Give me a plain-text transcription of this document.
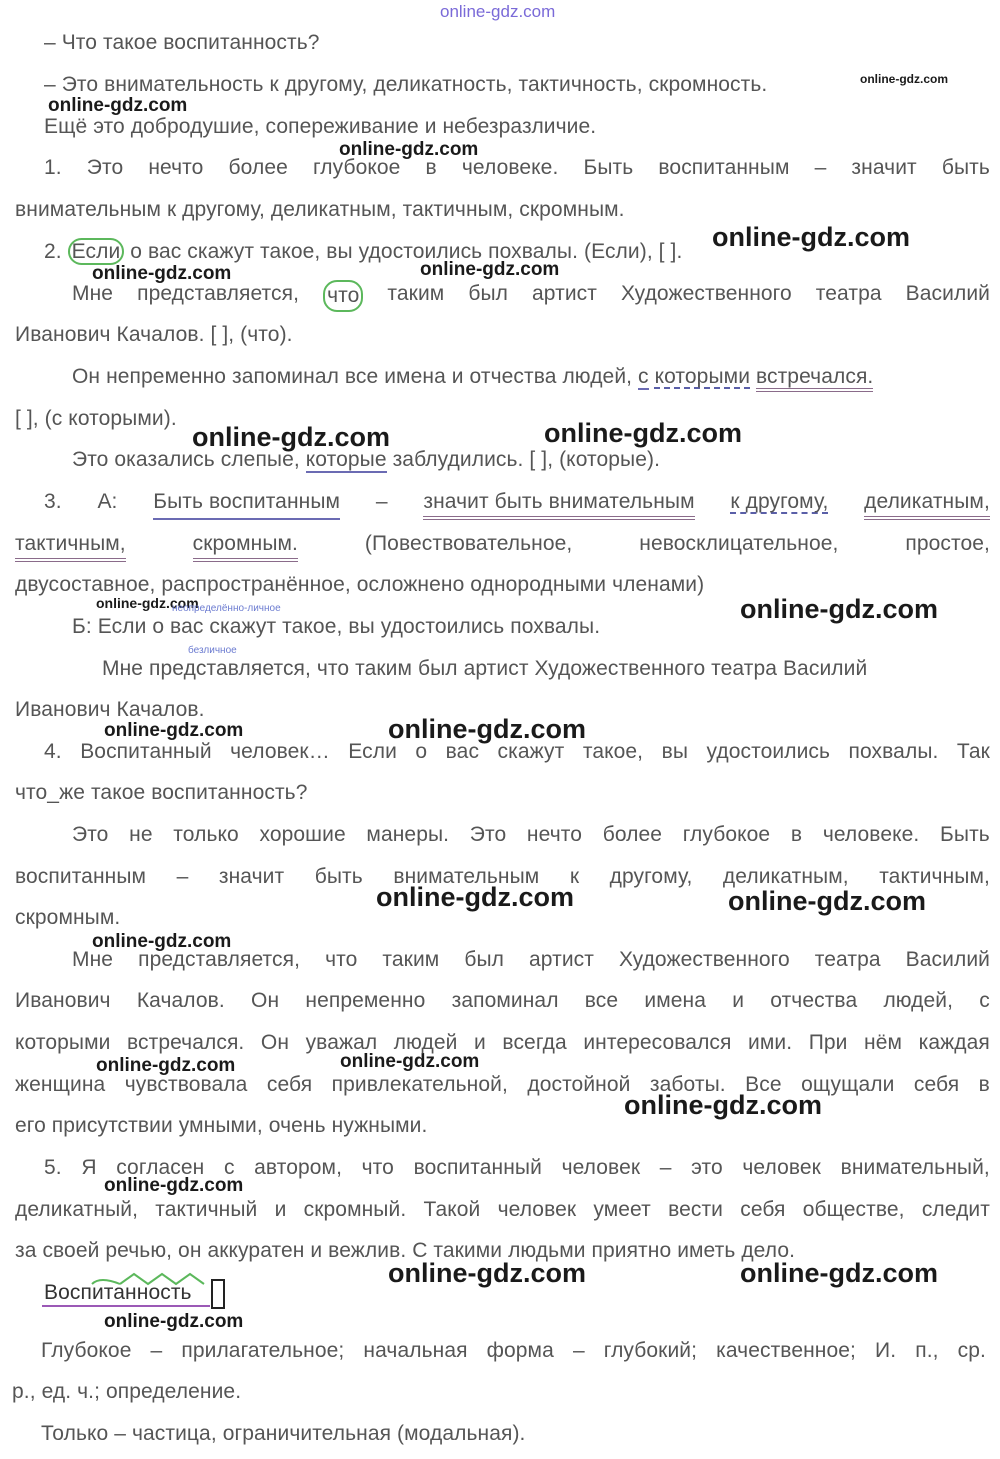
online-gdz.com
online-gdz.com
online-gdz.com
online-gdz.com
online-gdz.com
online-gdz.com	online-gdz.com
online-gdz.com	online-gdz.com
online-gdz.com	online-gdz.com
online-gdz.com	online-gdz.com
online-gdz.com	online-gdz.com
online-gdz.com
online-gdz.com	online-gdz.com
online-gdz.com
online-gdz.com
online-gdz.com	online-gdz.com
online-gdz.com
неопределённо-личное
безличное
– Что такое воспитанность?
– Это внимательность к другому, деликатность, тактичность, скромность.
Ещё это добродушие, сопереживание и небезразличие.
1. Это нечто более глубокое в человеке. Быть воспитанным – значит быть
внимательным к другому, деликатным, тактичным, скромным.
2. Если о вас скажут такое, вы удостоились похвалы. (Если), [ ].
Мне представляется, что таким был артист Художественного театра Василий
Иванович Качалов. [ ], (что).
Он непременно запоминал все имена и отчества людей, с которыми встречался.
[ ], (с которыми).
Это оказались слепые, которые заблудились. [ ], (которые).
3. А: Быть воспитанным – значит быть внимательным к другому, деликатным,
тактичным,	скромным.	(Повествовательное,	невосклицательное,	простое,
двусоставное, распространённое, осложнено однородными членами)
Б: Если о вас скажут такое, вы удостоились похвалы.
Мне представляется, что таким был артист Художественного театра Василий
Иванович Качалов.
4. Воспитанный человек… Если о вас скажут такое, вы удостоились похвалы. Так
что_же такое воспитанность?
Это не только хорошие манеры. Это нечто более глубокое в человеке. Быть
воспитанным – значит быть внимательным к другому, деликатным, тактичным,
скромным.
Мне представляется, что таким был артист Художественного театра Василий
Иванович Качалов. Он непременно запоминал все имена и отчества людей, с
которыми встречался. Он уважал людей и всегда интересовался ими. При нём каждая
женщина чувствовала себя привлекательной, достойной заботы. Все ощущали себя в
его присутствии умными, очень нужными.
5. Я согласен с автором, что воспитанный человек – это человек внимательный,
деликатный, тактичный и скромный. Такой человек умеет вести себя обществе, следит
за своей речью, он аккуратен и вежлив. С такими людьми приятно иметь дело.
Воспитанность
Глубокое – прилагательное; начальная форма – глубокий; качественное; И. п., ср.
р., ед. ч.; определение.
Только – частица, ограничительная (модальная).
